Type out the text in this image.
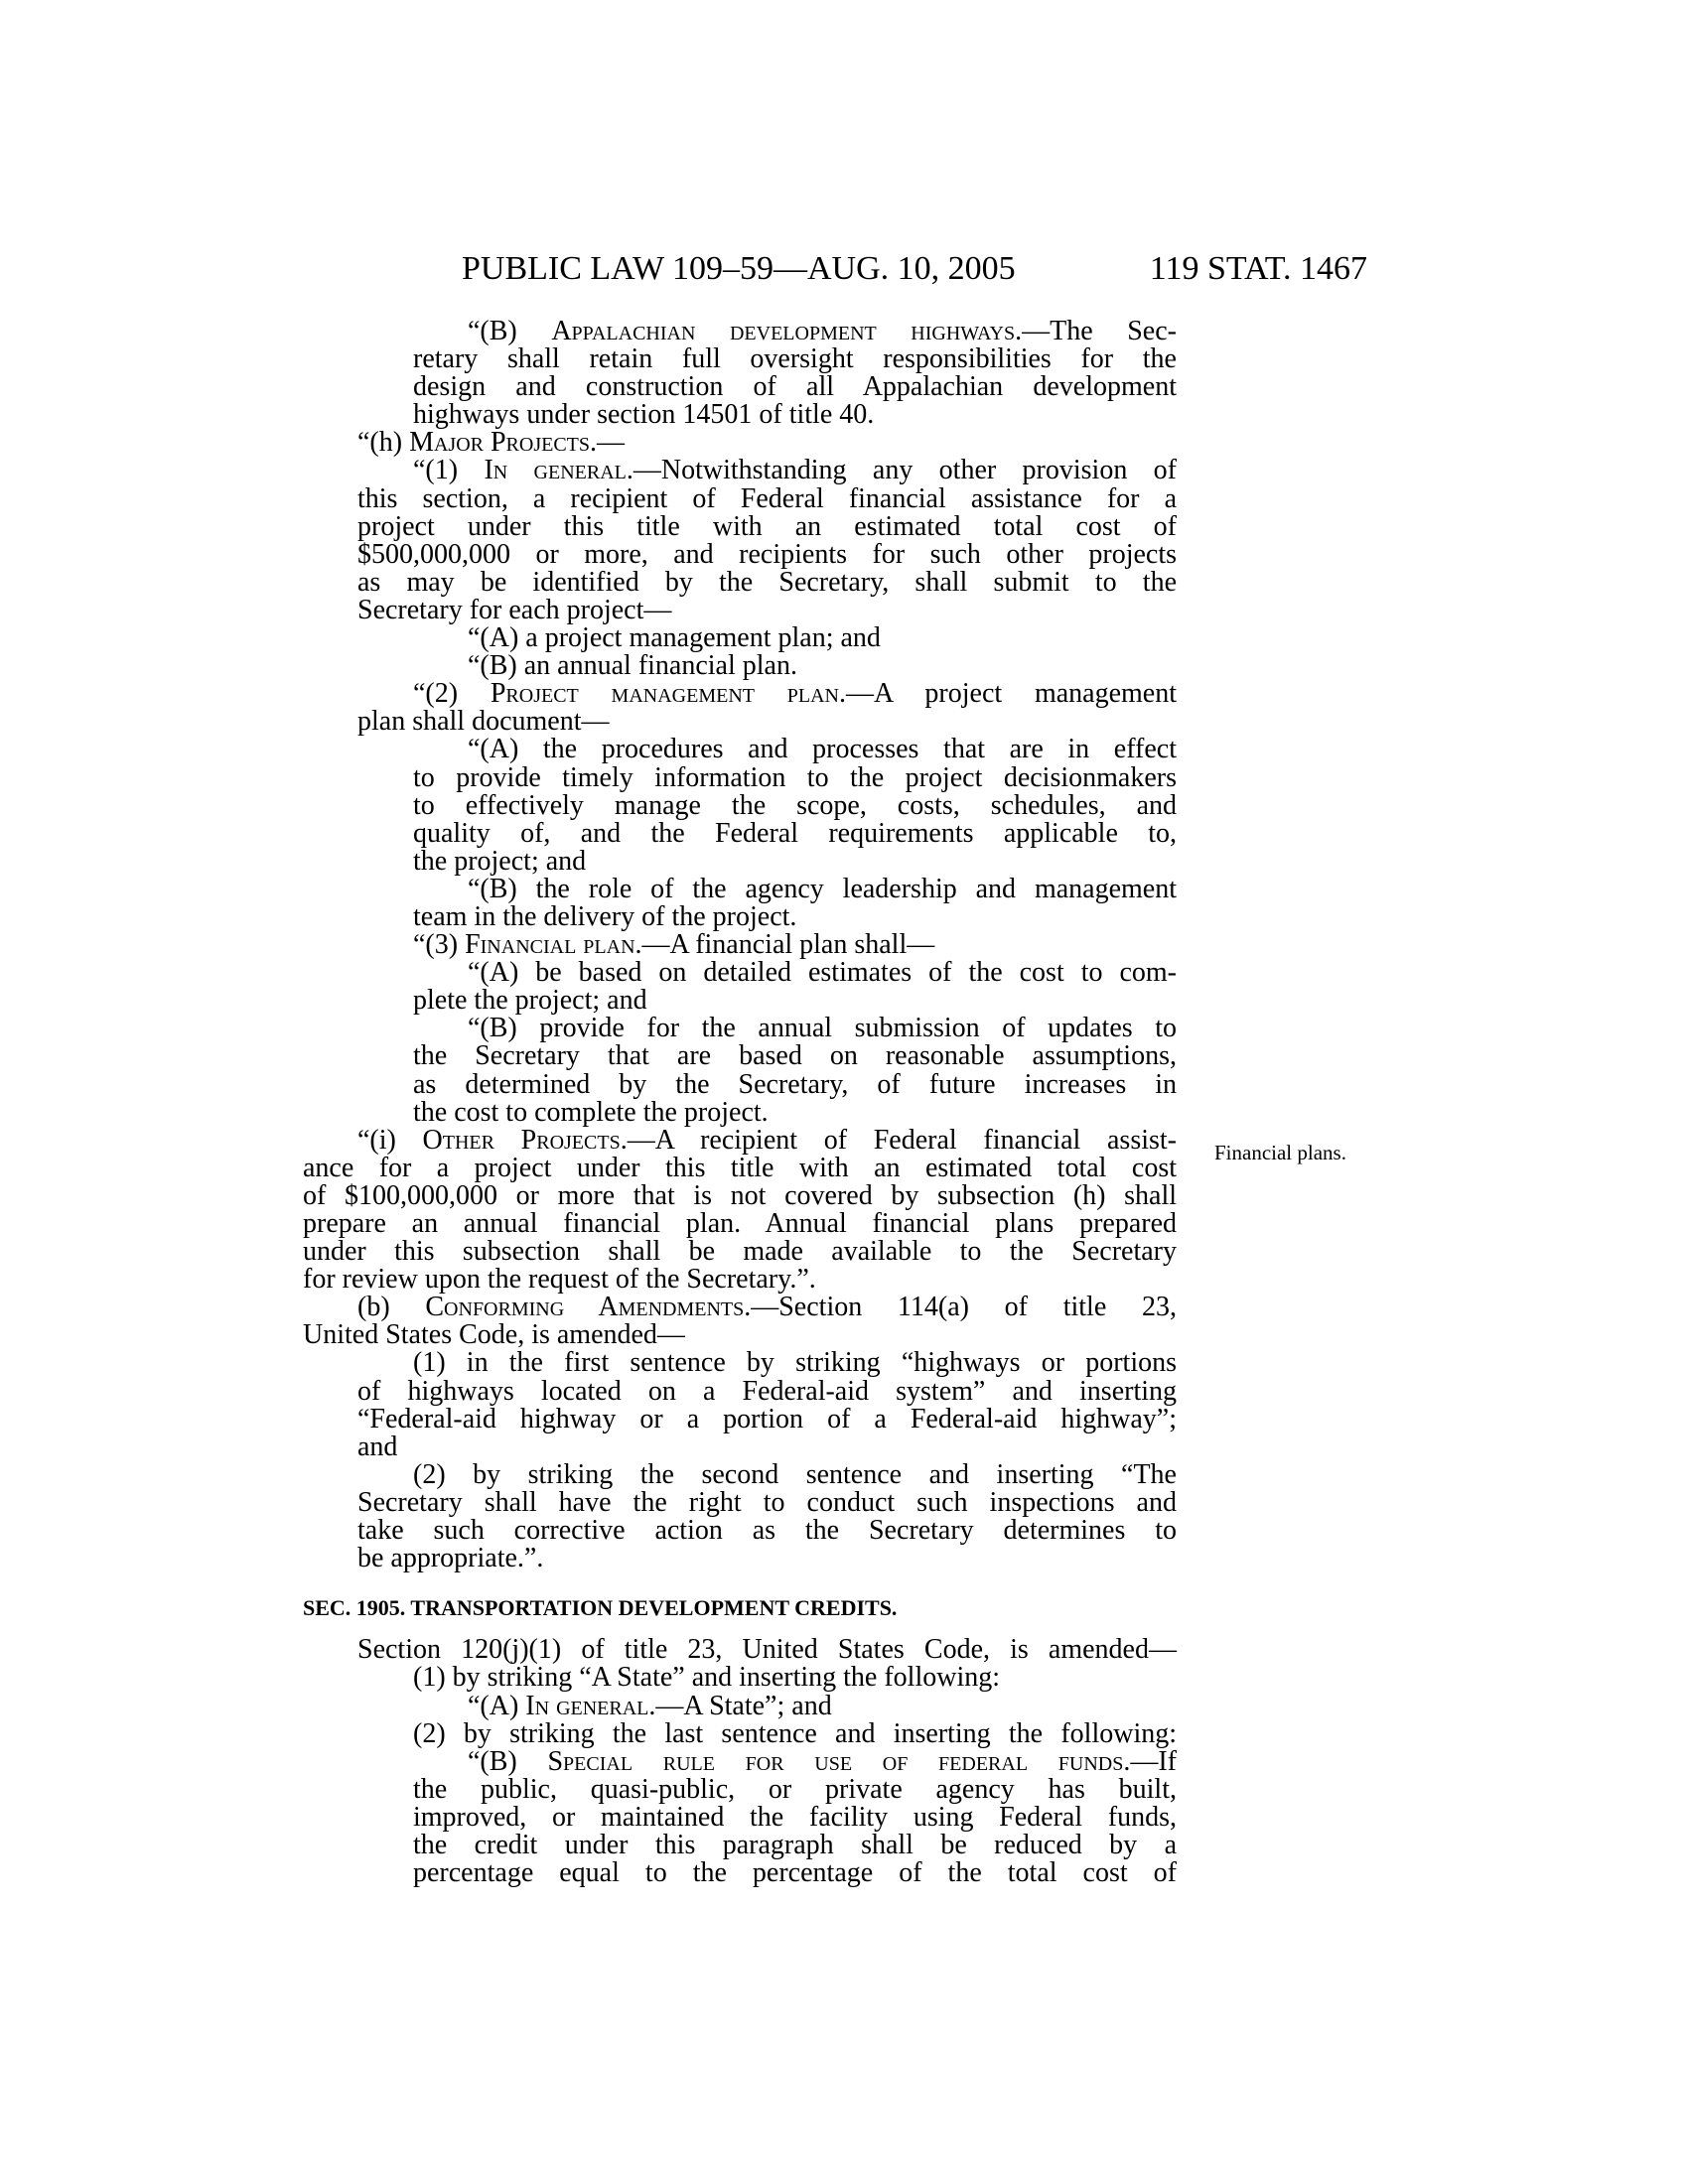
PUBLIC LAW 109–59—AUG. 10, 2005	119 STAT. 1467
Financial plans.
“(B) Appalachian development highways.—The Sec-
retary shall retain full oversight responsibilities for the
design and construction of all Appalachian development
highways under section 14501 of title 40.
“(h) Major Projects.—
“(1) In general.—Notwithstanding any other provision of
this section, a recipient of Federal financial assistance for a
project under this title with an estimated total cost of
$500,000,000 or more, and recipients for such other projects
as may be identified by the Secretary, shall submit to the
Secretary for each project—
“(A) a project management plan; and
“(B) an annual financial plan.
“(2) Project management plan.—A project management
plan shall document—
“(A) the procedures and processes that are in effect
to provide timely information to the project decisionmakers
to effectively manage the scope, costs, schedules, and
quality of, and the Federal requirements applicable to,
the project; and
“(B) the role of the agency leadership and management
team in the delivery of the project.
“(3) Financial plan.—A financial plan shall—
“(A) be based on detailed estimates of the cost to com-
plete the project; and
“(B) provide for the annual submission of updates to
the Secretary that are based on reasonable assumptions,
as determined by the Secretary, of future increases in
the cost to complete the project.
“(i) Other Projects.—A recipient of Federal financial assist-
ance for a project under this title with an estimated total cost
of $100,000,000 or more that is not covered by subsection (h) shall
prepare an annual financial plan. Annual financial plans prepared
under this subsection shall be made available to the Secretary
for review upon the request of the Secretary.”.
(b) Conforming Amendments.—Section 114(a) of title 23,
United States Code, is amended—
(1) in the first sentence by striking “highways or portions
of highways located on a Federal-aid system” and inserting
“Federal-aid highway or a portion of a Federal-aid highway”;
and
(2) by striking the second sentence and inserting “The
Secretary shall have the right to conduct such inspections and
take such corrective action as the Secretary determines to
be appropriate.”.
SEC. 1905. TRANSPORTATION DEVELOPMENT CREDITS.
Section 120(j)(1) of title 23, United States Code, is amended—
(1) by striking “A State” and inserting the following:
“(A) In general.—A State”; and
(2) by striking the last sentence and inserting the following:
“(B) Special rule for use of federal funds.—If
the public, quasi-public, or private agency has built,
improved, or maintained the facility using Federal funds,
the credit under this paragraph shall be reduced by a
percentage equal to the percentage of the total cost of
